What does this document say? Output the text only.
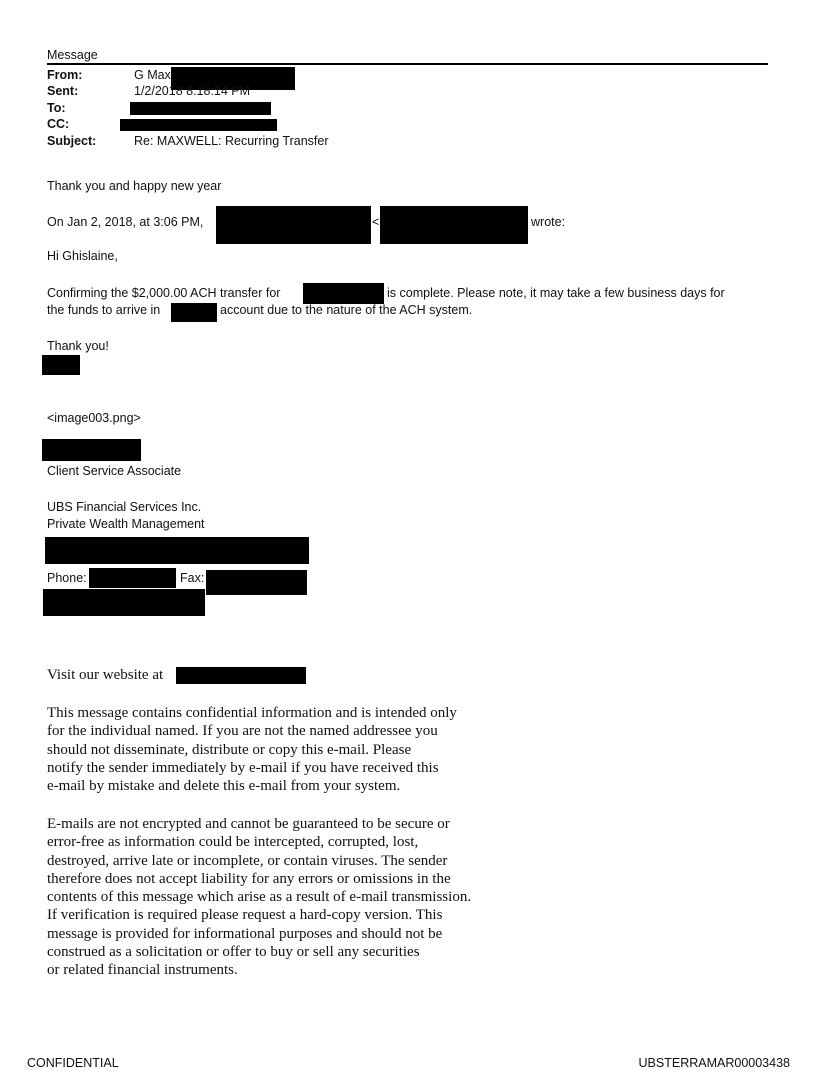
Message
From:	G Max
Sent:	1/2/2018 8:18:14 PM
To:
CC:
Subject:	Re: MAXWELL: Recurring Transfer
Thank you and happy new year
On Jan 2, 2018, at 3:06 PM,	<	wrote:
Hi Ghislaine,
Confirming the $2,000.00 ACH transfer for	is complete. Please note, it may take a few business days for
the funds to arrive in	account due to the nature of the ACH system.
Thank you!
<image003.png>
Client Service Associate
UBS Financial Services Inc.
Private Wealth Management
Phone:	Fax:
Visit our website at

This message contains confidential information and is intended only

for the individual named. If you are not the named addressee you

should not disseminate, distribute or copy this e-mail. Please

notify the sender immediately by e-mail if you have received this

e-mail by mistake and delete this e-mail from your system.

E-mails are not encrypted and cannot be guaranteed to be secure or

error-free as information could be intercepted, corrupted, lost,

destroyed, arrive late or incomplete, or contain viruses. The sender

therefore does not accept liability for any errors or omissions in the

contents of this message which arise as a result of e-mail transmission.

If verification is required please request a hard-copy version. This

message is provided for informational purposes and should not be

construed as a solicitation or offer to buy or sell any securities

or related financial instruments.

CONFIDENTIAL	UBSTERRAMAR00003438
